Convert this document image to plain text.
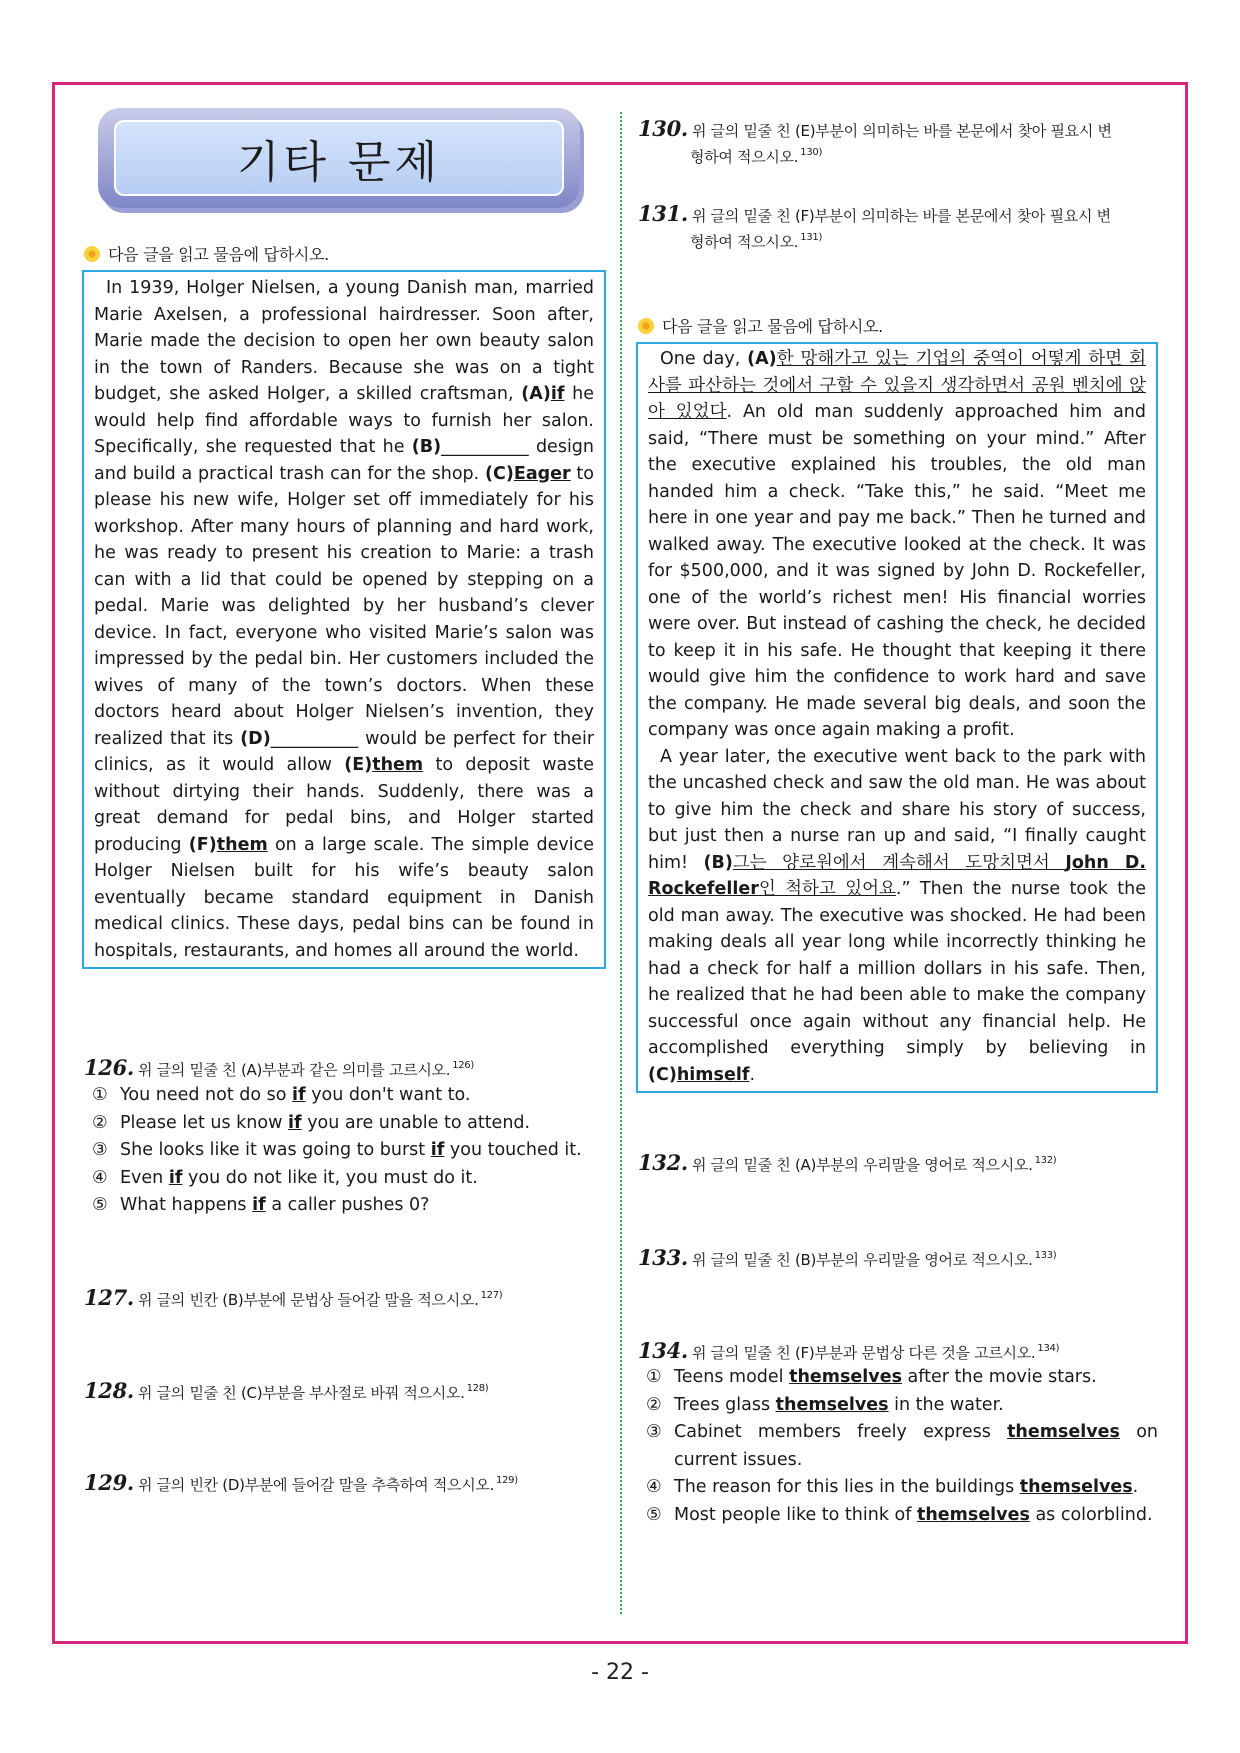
기타 문제
다음 글을 읽고 물음에 답하시오.

In 1939, Holger Nielsen, a young Danish man, married Marie Axelsen, a professional hairdresser. Soon after, Marie made the decision to open her own beauty salon in the town of Randers. Because she was on a tight budget, she asked Holger, a skilled craftsman, (A)if he would help find affordable ways to furnish her salon. Specifically, she requested that he (B)__________ design and build a practical trash can for the shop. (C)Eager to please his new wife, Holger set off immediately for his workshop. After many hours of planning and hard work, he was ready to present his creation to Marie: a trash can with a lid that could be opened by stepping on a pedal. Marie was delighted by her husband’s clever device. In fact, everyone who visited Marie’s salon was impressed by the pedal bin. Her customers included the wives of many of the town’s doctors. When these doctors heard about Holger Nielsen’s invention, they realized that its (D)__________ would be perfect for their clinics, as it would allow (E)them to deposit waste without dirtying their hands. Suddenly, there was a great demand for pedal bins, and Holger started producing (F)them on a large scale. The simple device Holger Nielsen built for his wife’s beauty salon eventually became standard equipment in Danish medical clinics. These days, pedal bins can be found in hospitals, restaurants, and homes all around the world.

126. 위 글의 밑줄 친 (A)부분과 같은 의미를 고르시오. $^{126)}$
① You need not do so if you don't want to.
② Please let us know if you are unable to attend.
③ She looks like it was going to burst if you touched it.
④ Even if you do not like it, you must do it.
⑤ What happens if a caller pushes 0?
127. 위 글의 빈칸 (B)부분에 문법상 들어갈 말을 적으시오. $^{127)}$
128. 위 글의 밑줄 친 (C)부분을 부사절로 바꿔 적으시오. $^{128)}$
129. 위 글의 빈칸 (D)부분에 들어갈 말을 추측하여 적으시오. $^{129)}$
130. 위 글의 밑줄 친 (E)부분이 의미하는 바를 본문에서 찾아 필요시 변
형하여 적으시오. $^{130)}$
131. 위 글의 밑줄 친 (F)부분이 의미하는 바를 본문에서 찾아 필요시 변
형하여 적으시오. $^{131)}$
다음 글을 읽고 물음에 답하시오.

One day, (A)한 망해가고 있는 기업의 중역이 어떻게 하면 회사를 파산하는 것에서 구할 수 있을지 생각하면서 공원 벤치에 앉아 있었다. An old man suddenly approached him and said, “There must be something on your mind.” After the executive explained his troubles, the old man handed him a check. “Take this,” he said. “Meet me here in one year and pay me back.” Then he turned and walked away. The executive looked at the check. It was for $500,000, and it was signed by John D. Rockefeller, one of the world’s richest men! His financial worries were over. But instead of cashing the check, he decided to keep it in his safe. He thought that keeping it there would give him the confidence to work hard and save the company. He made several big deals, and soon the company was once again making a profit.

A year later, the executive went back to the park with the uncashed check and saw the old man. He was about to give him the check and share his story of success, but just then a nurse ran up and said, “I finally caught him! (B)그는 양로원에서 계속해서 도망치면서 John D. Rockefeller인 척하고 있어요.” Then the nurse took the old man away. The executive was shocked. He had been making deals all year long while incorrectly thinking he had a check for half a million dollars in his safe. Then, he realized that he had been able to make the company successful once again without any financial help. He accomplished everything simply by believing in (C)himself.

132. 위 글의 밑줄 친 (A)부분의 우리말을 영어로 적으시오. $^{132)}$
133. 위 글의 밑줄 친 (B)부분의 우리말을 영어로 적으시오. $^{133)}$
134. 위 글의 밑줄 친 (F)부분과 문법상 다른 것을 고르시오. $^{134)}$
① Teens model themselves after the movie stars.
② Trees glass themselves in the water.
③ Cabinet members freely express themselves on current issues.
④ The reason for this lies in the buildings themselves.
⑤ Most people like to think of themselves as colorblind.
- 22 -
